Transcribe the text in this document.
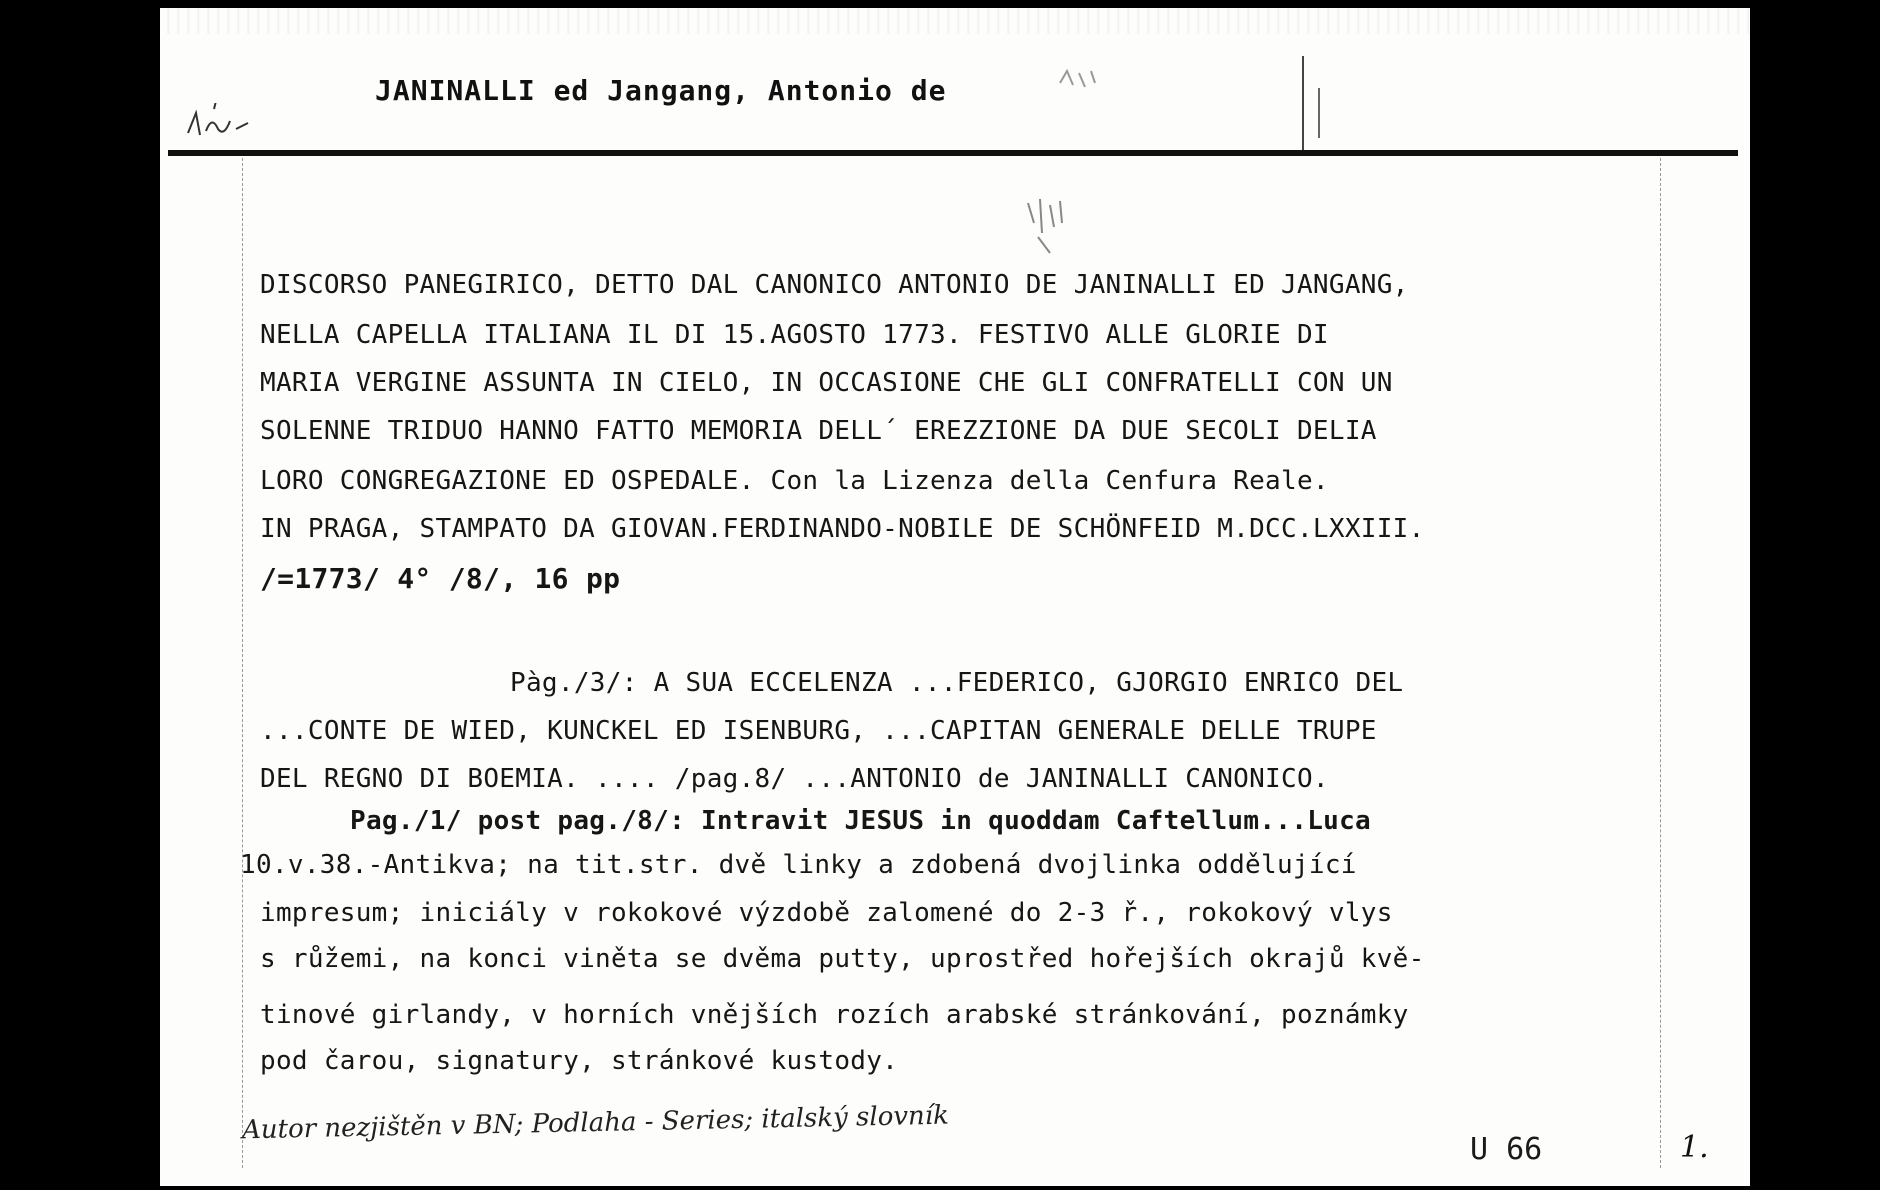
JANINALLI ed Jangang, Antonio de
DISCORSO PANEGIRICO, DETTO DAL CANONICO ANTONIO DE JANINALLI ED JANGANG,
NELLA CAPELLA ITALIANA IL DI 15.AGOSTO 1773. FESTIVO ALLE GLORIE DI
MARIA VERGINE ASSUNTA IN CIELO, IN OCCASIONE CHE GLI CONFRATELLI CON UN
SOLENNE TRIDUO HANNO FATTO MEMORIA DELL´ EREZZIONE DA DUE SECOLI DELIA
LORO CONGREGAZIONE ED OSPEDALE. Con la Lizenza della Cenfura Reale.
IN PRAGA, STAMPATO DA GIOVAN.FERDINANDO-NOBILE DE SCHÖNFEID M.DCC.LXXIII.
/=1773/ 4° /8/, 16 pp
Pàg./3/: A SUA ECCELENZA ...FEDERICO, GJORGIO ENRICO DEL
...CONTE DE WIED, KUNCKEL ED ISENBURG, ...CAPITAN GENERALE DELLE TRUPE
DEL REGNO DI BOEMIA. .... /pag.8/ ...ANTONIO de JANINALLI CANONICO.
Pag./1/ post pag./8/: Intravit JESUS in quoddam Caftellum...Luca
10.v.38.-Antikva; na tit.str. dvě linky a zdobená dvojlinka oddělující
impresum; iniciály v rokokové výzdobě zalomené do 2-3 ř., rokokový vlys
s růžemi, na konci viněta se dvěma putty, uprostřed hořejších okrajů kvě-
tinové girlandy, v horních vnějších rozích arabské stránkování, poznámky
pod čarou, signatury, stránkové kustody.
Autor nezjištěn v BN; Podlaha - Series; italský slovník
U 66	1.
